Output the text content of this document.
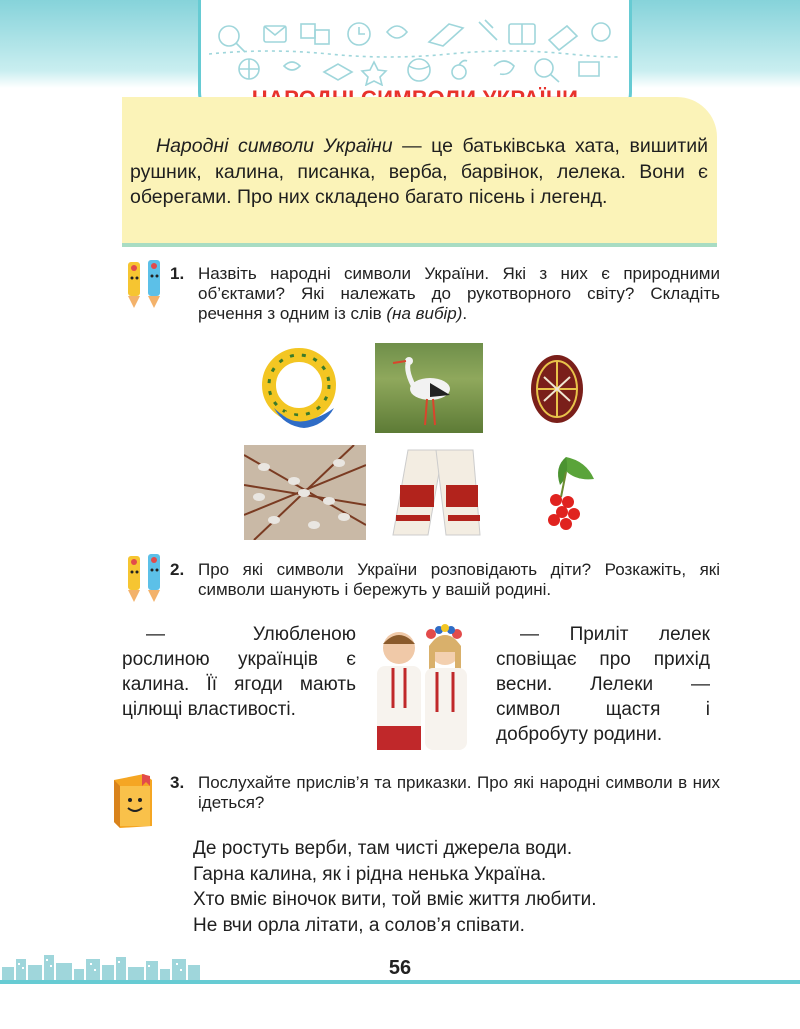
Народні символи України — це батьківська хата, вишитий рушник, калина, писанка, верба, барвінок, лелека. Вони є оберегами. Про них складено багато пісень і легенд.
1. Назвіть народні символи України. Які з них є природними об’єктами? Які належать до рукотворного світу? Складіть речення з одним із слів (на вибір).
2. Про які символи України розповідають діти? Розкажіть, які символи шанують і бережуть у вашій родині.
— Улюбленою рослиною українців є калина. Її ягоди мають цілющі властивості.
— Приліт лелек сповіщає про прихід весни. Лелеки — символ щастя і добробуту родини.
3. Послухайте прислів’я та приказки. Про які народні символи в них ідеться?
Де ростуть верби, там чисті джерела води.
Гарна калина, як і рідна ненька Україна.
Хто вміє віночок вити, той вміє життя любити.
Не вчи орла літати, а солов’я співати.
56
